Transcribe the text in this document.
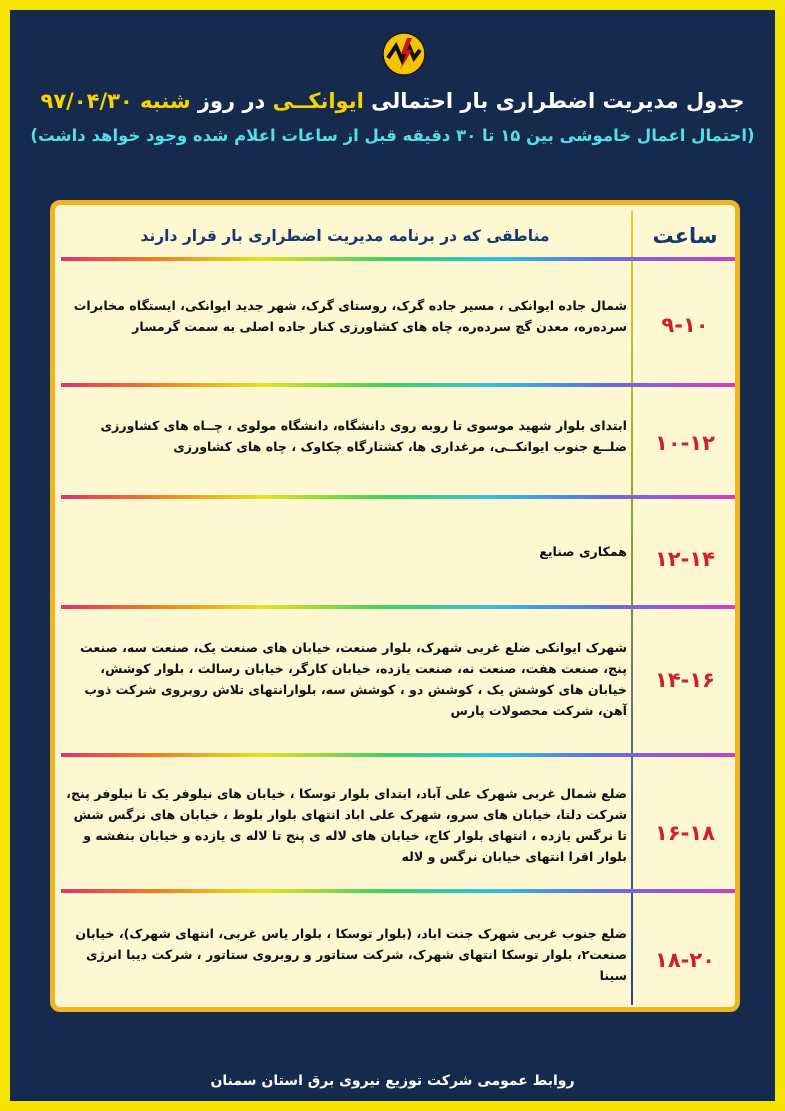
جدول مدیریت اضطراری بار احتمالی ایوانکــی در روز شنبه ۹۷/۰۴/۳۰
(احتمال اعمال خاموشی بین ۱۵ تا ۳۰ دقیقه قبل از ساعات اعلام شده وجود خواهد داشت)
ساعت
مناطقی که در برنامه مدیریت اضطراری بار قرار دارند
۹-۱۰
شمال جاده ایوانکی ، مسیر جاده گرک، روستای گرک، شهر جدید ایوانکی، ایستگاه مخابرات سرده‌ره، معدن گچ سرده‌ره، چاه های کشاورزی کنار جاده اصلی به سمت گرمسار
۱۰-۱۲
ابتدای بلوار شهید موسوی تا روبه روی دانشگاه، دانشگاه مولوی ، چــاه های کشاورزی ضلــع جنوب ایوانکــی، مرغداری ها، کشتارگاه چکاوک ، چاه های کشاورزی
۱۲-۱۴
همکاری صنایع
۱۴-۱۶
شهرک ایوانکی ضلع غربی شهرک، بلوار صنعت، خیابان های صنعت یک، صنعت سه، صنعت پنج، صنعت هفت، صنعت نه، صنعت یازده، خیابان کارگر، خیابان رسالت ، بلوار کوشش، خیابان های کوشش یک ، کوشش دو ، کوشش سه، بلوارانتهای تلاش روبروی شرکت ذوب آهن، شرکت محصولات پارس
۱۶-۱۸
ضلع شمال غربی شهرک علی آباد، ابتدای بلوار توسکا ، خیابان های نیلوفر یک تا نیلوفر پنج، شرکت دلتا، خیابان های سرو، شهرک علی اباد انتهای بلوار بلوط ، خیابان های نرگس شش تا نرگس یازده ، انتهای بلوار کاج، خیابان های لاله ی پنج تا لاله ی یازده و خیابان بنفشه و بلوار اقرا انتهای خیابان نرگس و لاله
۱۸-۲۰
ضلع جنوب غربی شهرک جنت اباد، (بلوار توسکا ، بلوار یاس غربی، انتهای شهرک)، خیابان صنعت۲، بلوار توسکا انتهای شهرک، شرکت ستاتور و روبروی ستاتور ، شرکت دیبا انرژی سینا
روابط عمومی شرکت توزیع نیروی برق استان سمنان
